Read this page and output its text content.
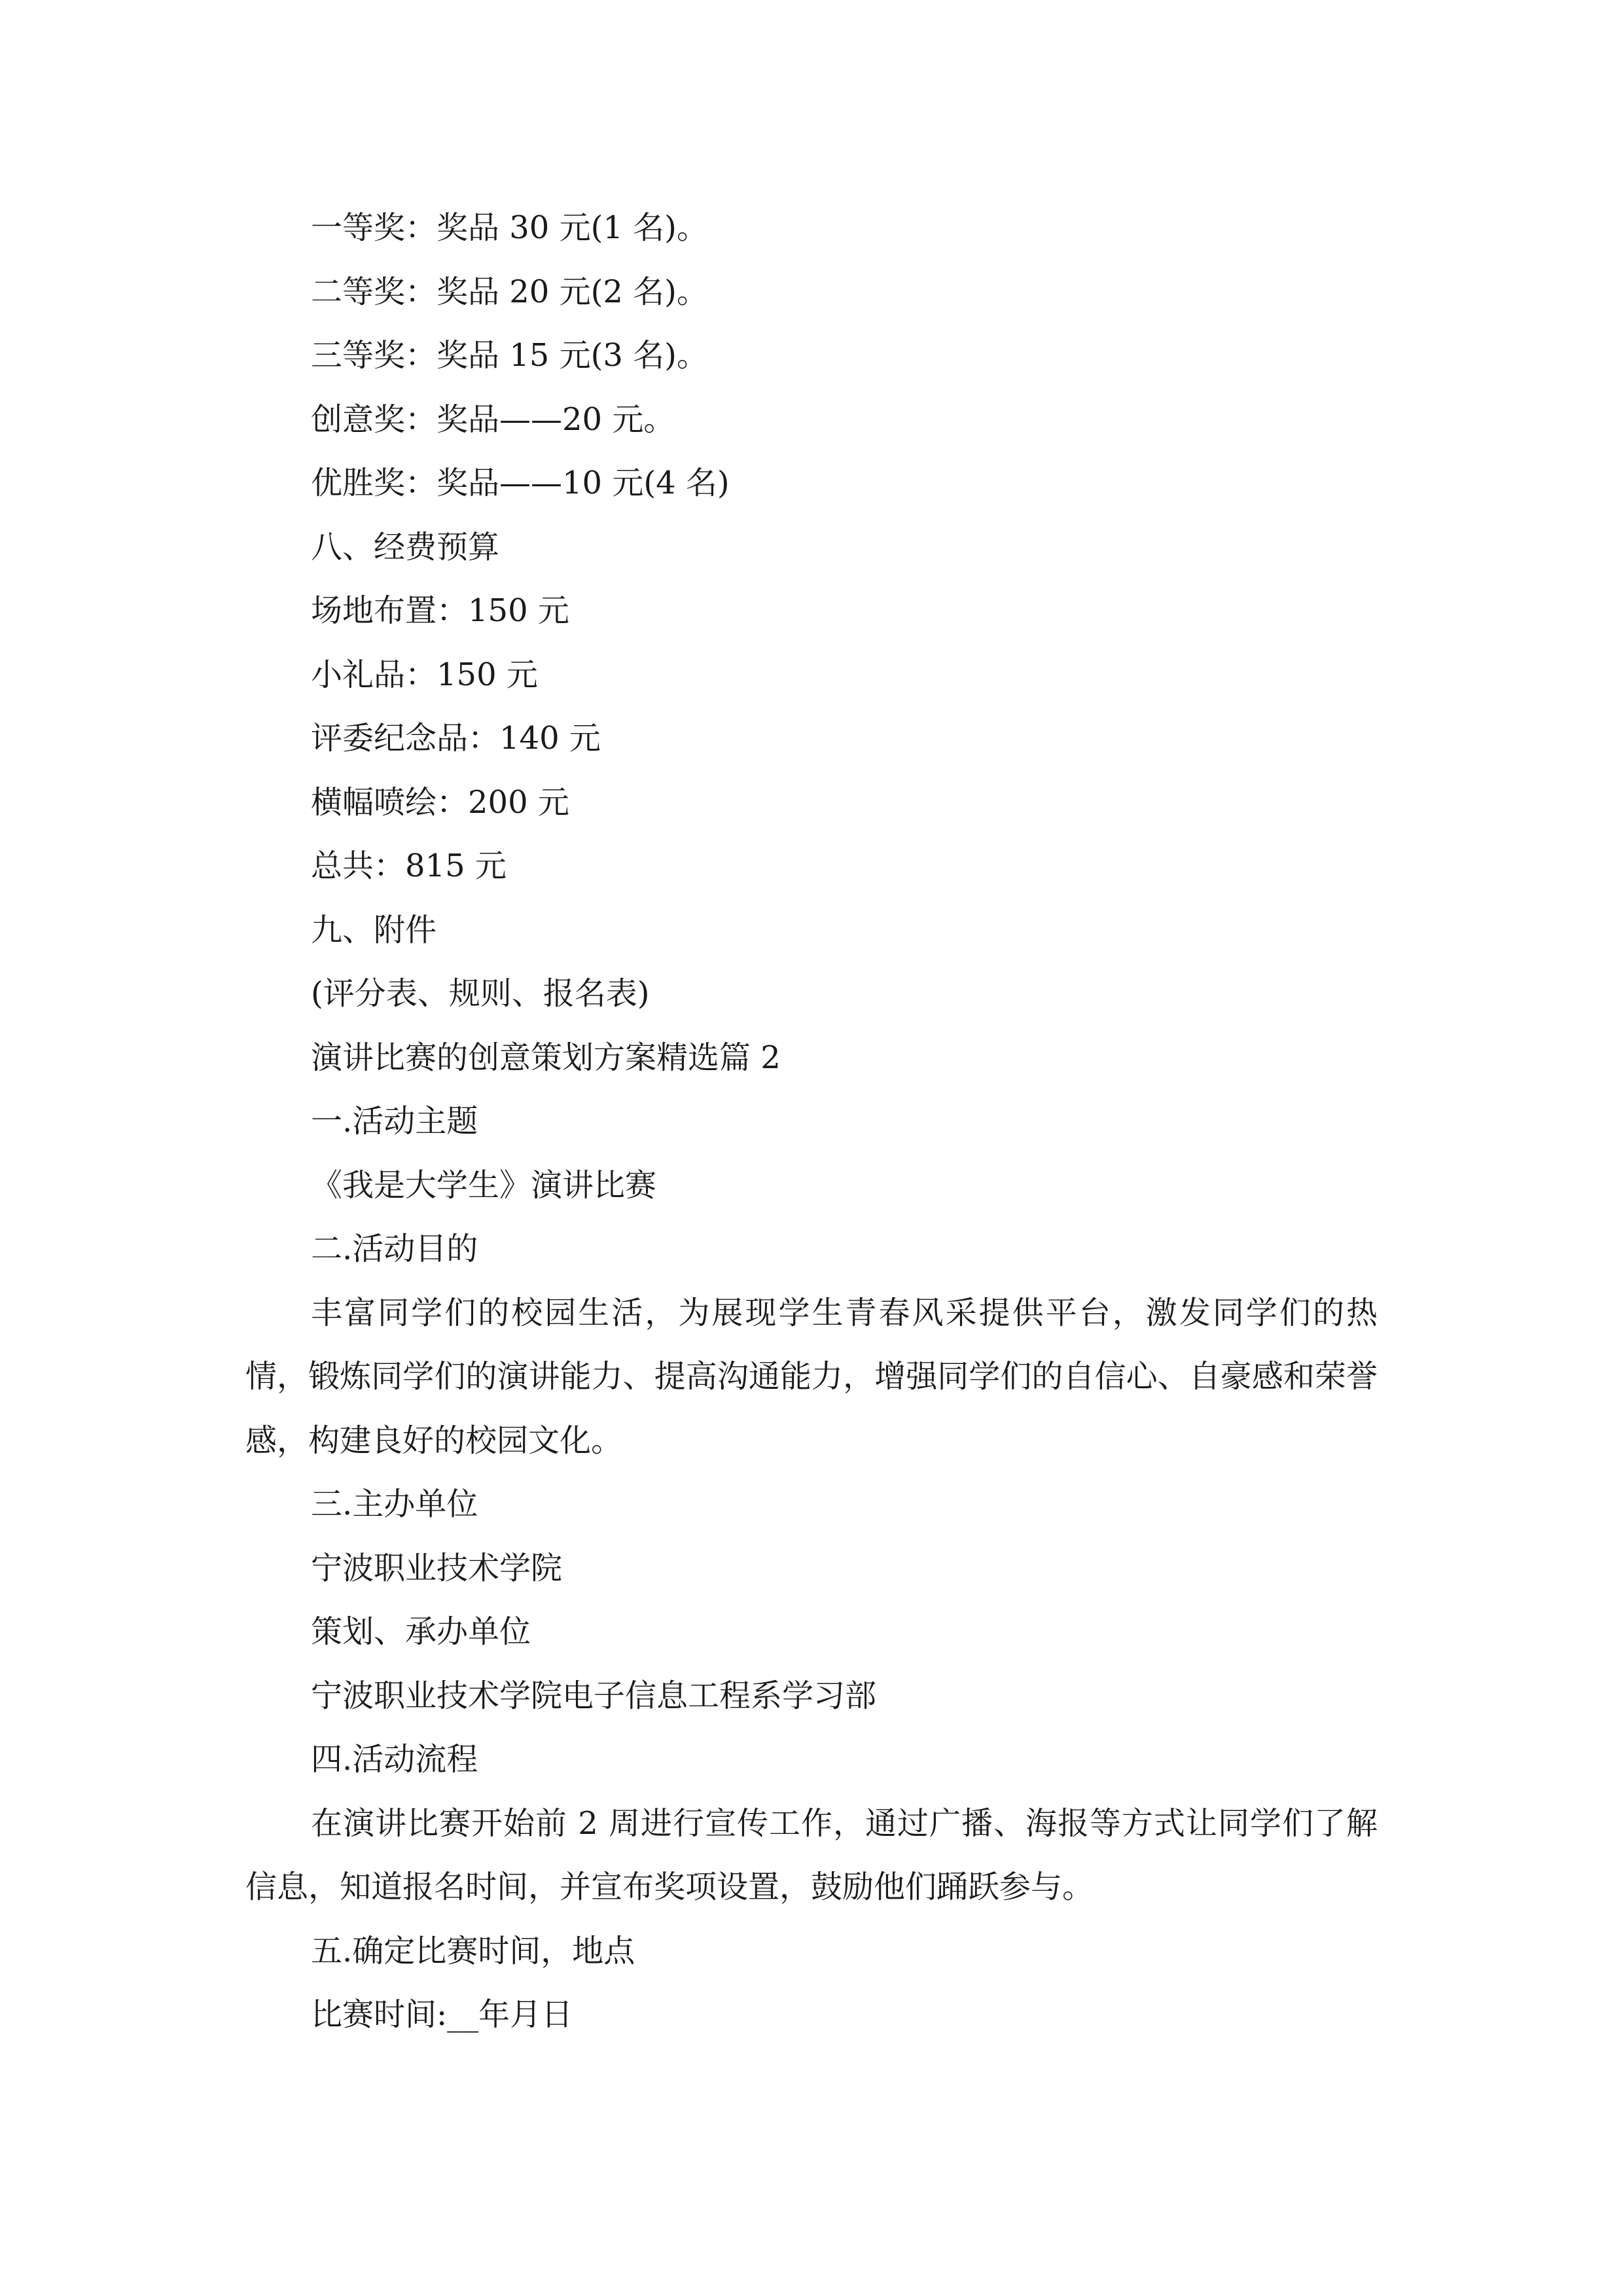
一等奖：奖品 30 元(1 名)。

二等奖：奖品 20 元(2 名)。

三等奖：奖品 15 元(3 名)。

创意奖：奖品——20 元。

优胜奖：奖品——10 元(4 名)

八、经费预算

场地布置：150 元

小礼品：150 元

评委纪念品：140 元

横幅喷绘：200 元

总共：815 元

九、附件

(评分表、规则、报名表)

演讲比赛的创意策划方案精选篇 2

一.活动主题

《我是大学生》演讲比赛

二.活动目的

丰富同学们的校园生活，为展现学生青春风采提供平台，激发同学们的热情，锻炼同学们的演讲能力、提高沟通能力，增强同学们的自信心、自豪感和荣誉感，构建良好的校园文化。

三.主办单位

宁波职业技术学院

策划、承办单位

宁波职业技术学院电子信息工程系学习部

四.活动流程

在演讲比赛开始前 2 周进行宣传工作，通过广播、海报等方式让同学们了解信息，知道报名时间，并宣布奖项设置，鼓励他们踊跃参与。

五.确定比赛时间，地点

比赛时间:__年月日
